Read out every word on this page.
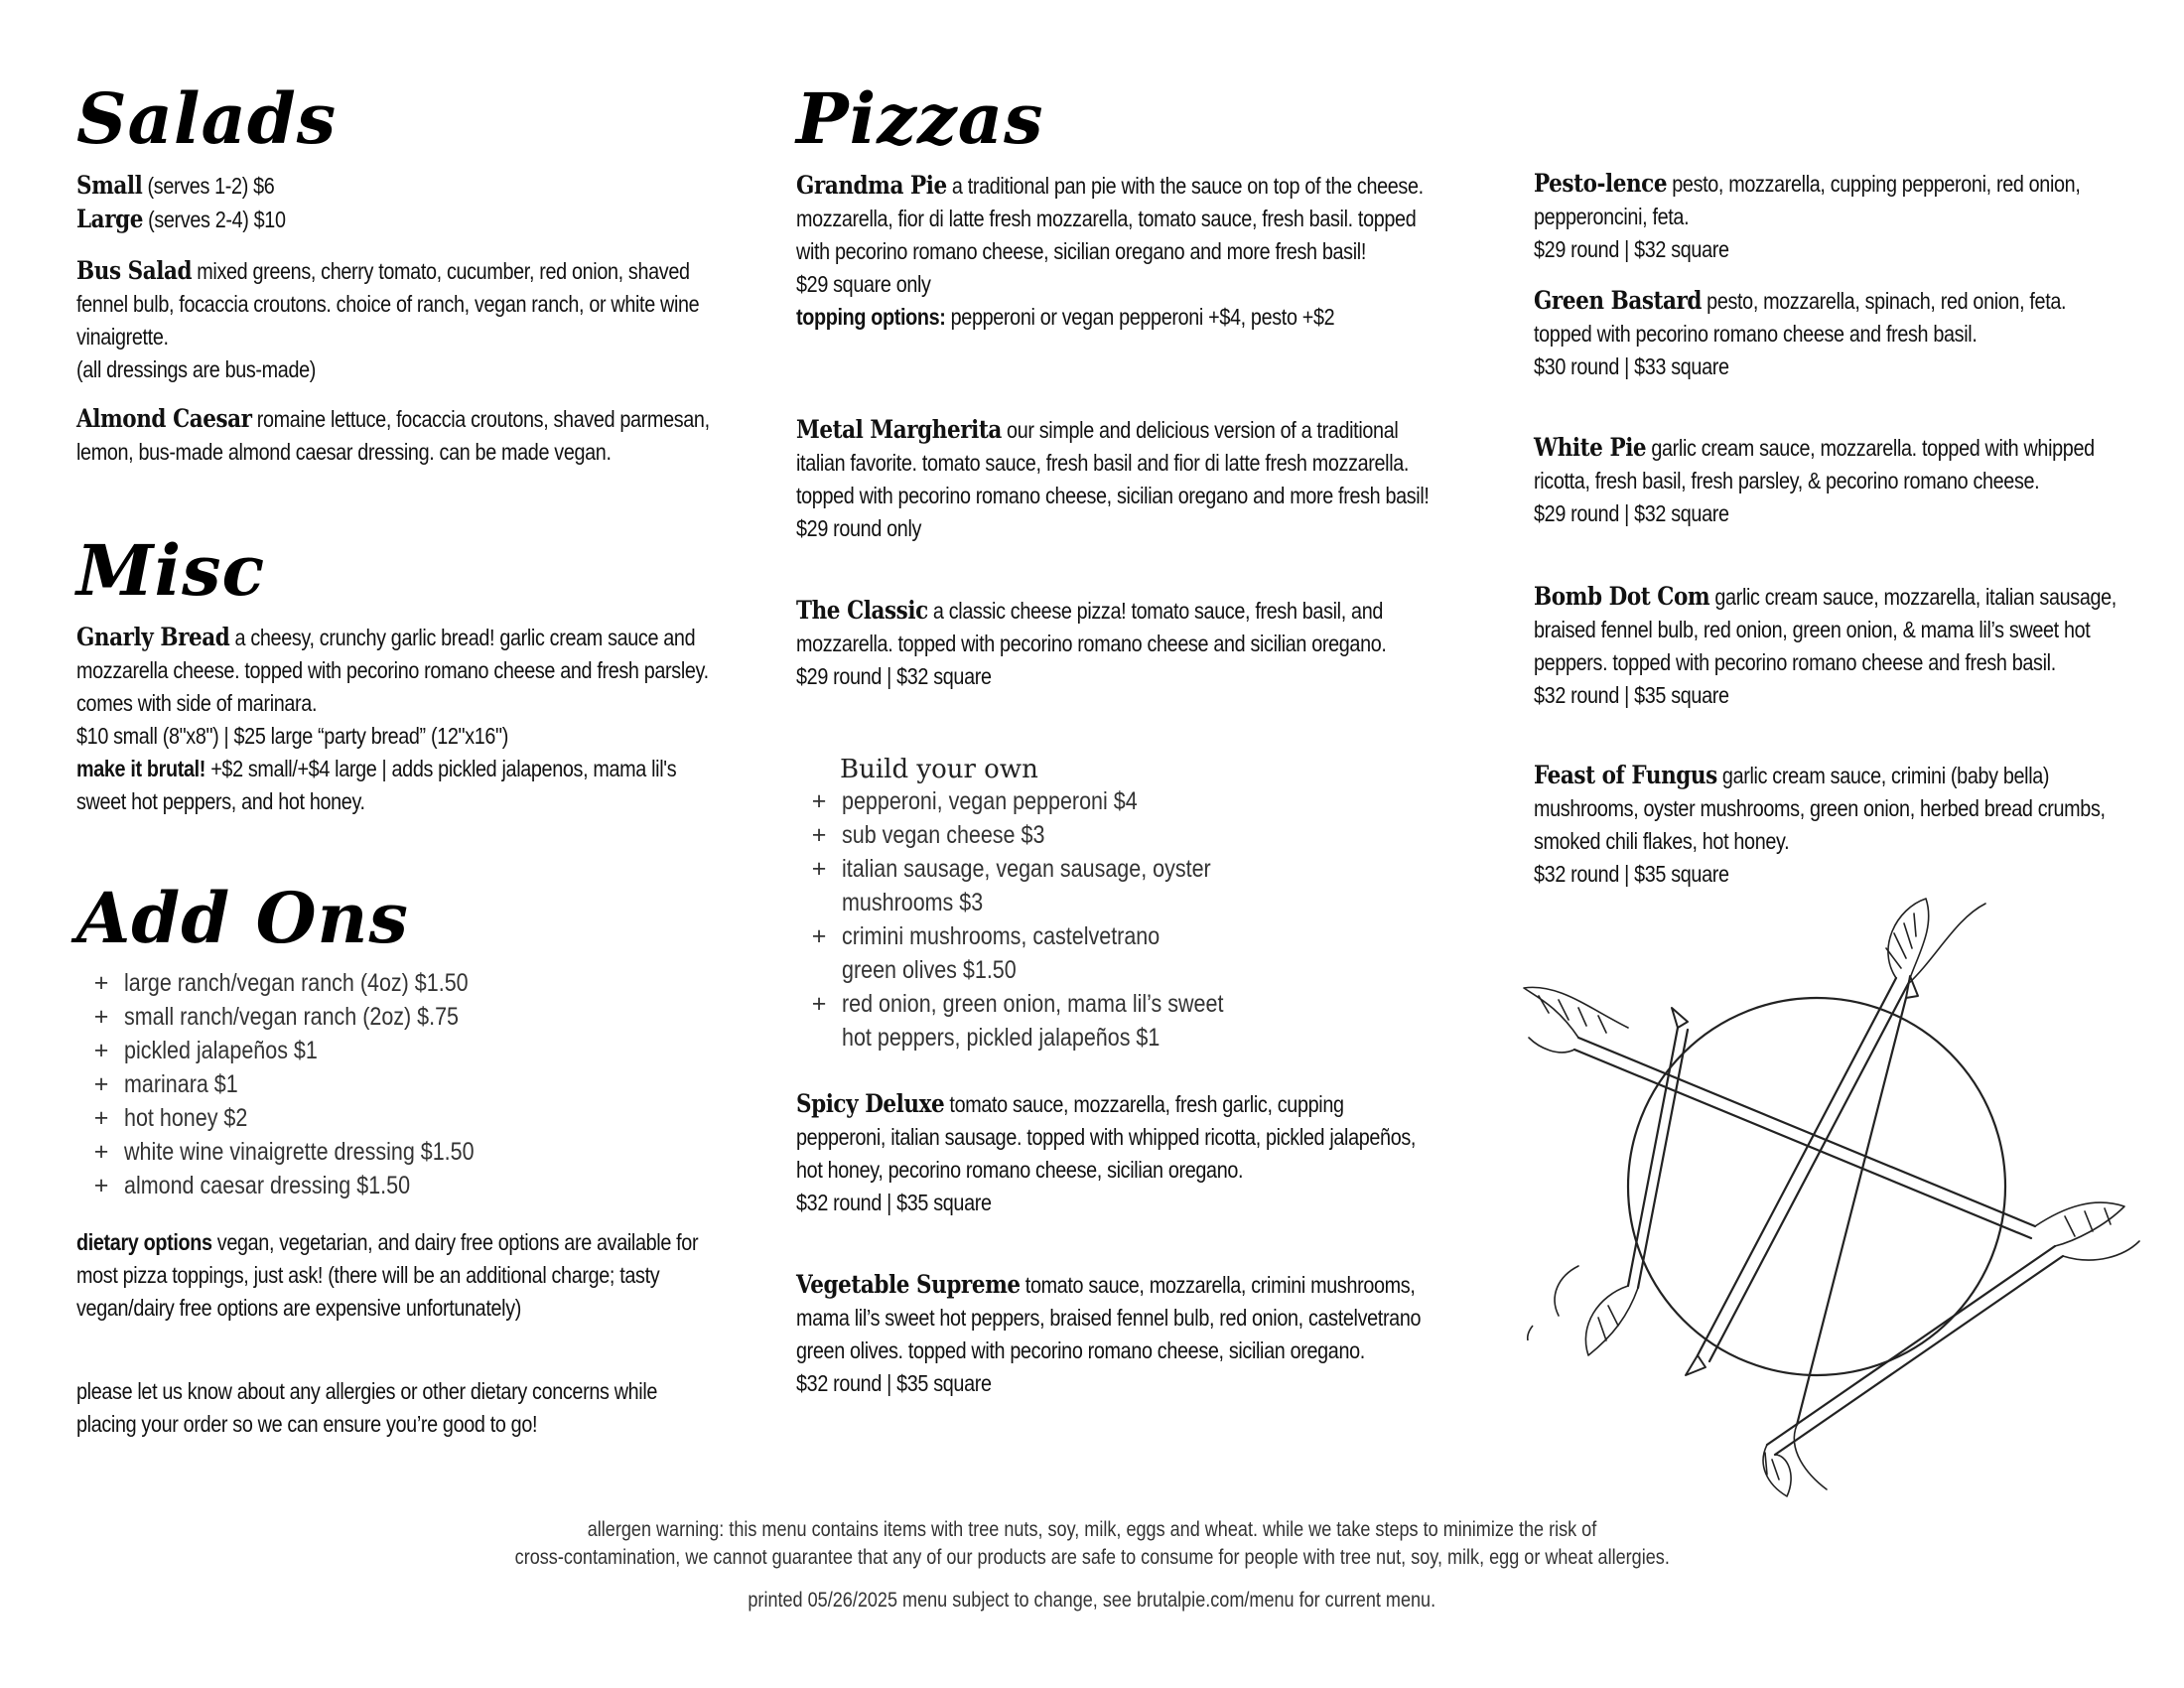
Salads
Small (serves 1-2) $6
Large (serves 2-4) $10
Bus Salad mixed greens, cherry tomato, cucumber, red onion, shaved fennel bulb, focaccia croutons. choice of ranch, vegan ranch, or white wine vinaigrette.
(all dressings are bus-made)
Almond Caesar romaine lettuce, focaccia croutons, shaved parmesan, lemon, bus-made almond caesar dressing. can be made vegan.
Misc
Gnarly Bread a cheesy, crunchy garlic bread! garlic cream sauce and mozzarella cheese. topped with pecorino romano cheese and fresh parsley.
comes with side of marinara.
$10 small (8"x8") | $25 large “party bread” (12"x16")
make it brutal! +$2 small/+$4 large | adds pickled jalapenos, mama lil's sweet hot peppers, and hot honey.
Add Ons
+ large ranch/vegan ranch (4oz) $1.50
+ small ranch/vegan ranch (2oz) $.75
+ pickled jalapeños $1
+ marinara $1
+ hot honey $2
+ white wine vinaigrette dressing $1.50
+ almond caesar dressing $1.50
dietary options vegan, vegetarian, and dairy free options are available for most pizza toppings, just ask! (there will be an additional charge; tasty vegan/dairy free options are expensive unfortunately)
please let us know about any allergies or other dietary concerns while placing your order so we can ensure you’re good to go!
Pizzas
Grandma Pie a traditional pan pie with the sauce on top of the cheese. mozzarella, fior di latte fresh mozzarella, tomato sauce, fresh basil. topped with pecorino romano cheese, sicilian oregano and more fresh basil!
$29 square only
topping options: pepperoni or vegan pepperoni +$4, pesto +$2
Metal Margherita our simple and delicious version of a traditional italian favorite. tomato sauce, fresh basil and fior di latte fresh mozzarella. topped with pecorino romano cheese, sicilian oregano and more fresh basil!
$29 round only
The Classic a classic cheese pizza! tomato sauce, fresh basil, and mozzarella. topped with pecorino romano cheese and sicilian oregano.
$29 round | $32 square

Build your own

+ pepperoni, vegan pepperoni $4
+ sub vegan cheese $3
+ italian sausage, vegan sausage, oyster mushrooms $3
+ crimini mushrooms, castelvetrano green olives $1.50
+ red onion, green onion, mama lil’s sweet hot peppers, pickled jalapeños $1
Spicy Deluxe tomato sauce, mozzarella, fresh garlic, cupping pepperoni, italian sausage. topped with whipped ricotta, pickled jalapeños, hot honey, pecorino romano cheese, sicilian oregano.
$32 round | $35 square
Vegetable Supreme tomato sauce, mozzarella, crimini mushrooms, mama lil’s sweet hot peppers, braised fennel bulb, red onion, castelvetrano green olives. topped with pecorino romano cheese, sicilian oregano.
$32 round | $35 square
Pesto-lence pesto, mozzarella, cupping pepperoni, red onion, pepperoncini, feta.
$29 round | $32 square
Green Bastard pesto, mozzarella, spinach, red onion, feta. topped with pecorino romano cheese and fresh basil.
$30 round | $33 square
White Pie garlic cream sauce, mozzarella. topped with whipped ricotta, fresh basil, fresh parsley, & pecorino romano cheese.
$29 round | $32 square
Bomb Dot Com garlic cream sauce, mozzarella, italian sausage, braised fennel bulb, red onion, green onion, & mama lil’s sweet hot peppers. topped with pecorino romano cheese and fresh basil.
$32 round | $35 square
Feast of Fungus garlic cream sauce, crimini (baby bella) mushrooms, oyster mushrooms, green onion, herbed bread crumbs, smoked chili flakes, hot honey.
$32 round | $35 square
allergen warning: this menu contains items with tree nuts, soy, milk, eggs and wheat. while we take steps to minimize the risk of
cross-contamination, we cannot guarantee that any of our products are safe to consume for people with tree nut, soy, milk, egg or wheat allergies.
printed 05/26/2025 menu subject to change, see brutalpie.com/menu for current menu.
